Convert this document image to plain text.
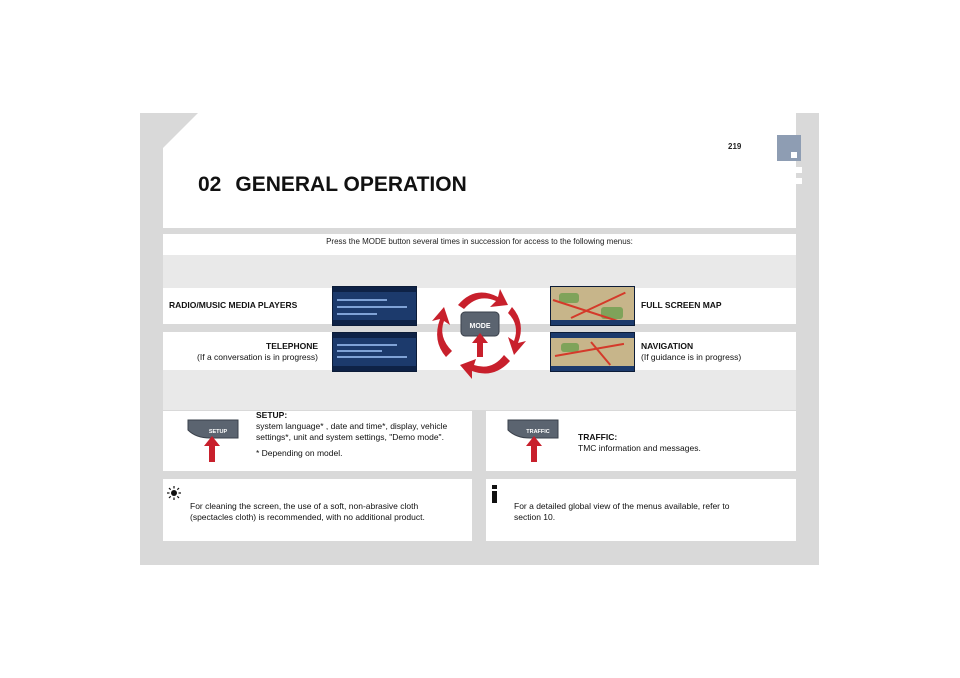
219
02 GENERAL OPERATION
Press the MODE button several times in succession for access to the following menus:
RADIO/MUSIC MEDIA PLAYERS
TELEPHONE
(If a conversation is in progress)
FULL SCREEN MAP
NAVIGATION
(If guidance is in progress)
MODE
SETUP
SETUP:

system language* , date and time*, display, vehicle settings*, unit and system settings, "Demo mode".

* Depending on model.

TRAFFIC	TRAFFIC:
TMC information and messages.
For cleaning the screen, the use of a soft, non-abrasive cloth (spectacles cloth) is recommended, with no additional product.
For a detailed global view of the menus available, refer to section 10.
